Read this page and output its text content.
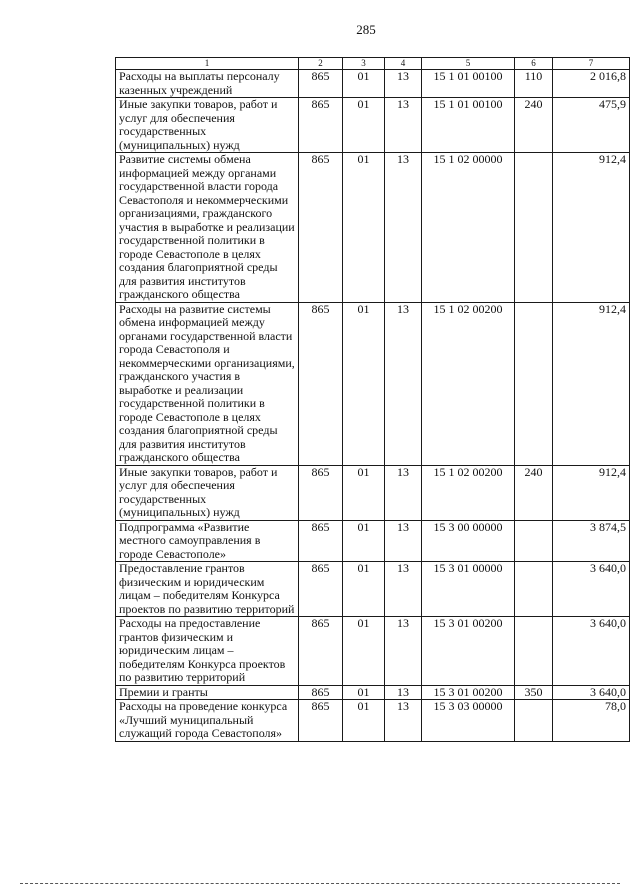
285
1	2	3	4	5	6	7
Расходы на выплаты персоналу казенных учреждений	865	01	13	15 1 01 00100	110	2 016,8
Иные закупки товаров, работ и услуг для обеспечения государственных (муниципальных) нужд	865	01	13	15 1 01 00100	240	475,9
Развитие системы обмена информацией между органами государственной власти города Севастополя и некоммерческими организациями, гражданского участия в выработке и реализации государственной политики в городе Севастополе в целях создания благоприятной среды для развития институтов гражданского общества	865	01	13	15 1 02 00000		912,4
Расходы на развитие системы обмена информацией между органами государственной власти города Севастополя и некоммерческими организациями, гражданского участия в выработке и реализации государственной политики в городе Севастополе в целях создания благоприятной среды для развития институтов гражданского общества	865	01	13	15 1 02 00200		912,4
Иные закупки товаров, работ и услуг для обеспечения государственных (муниципальных) нужд	865	01	13	15 1 02 00200	240	912,4
Подпрограмма «Развитие местного самоуправления в городе Севастополе»	865	01	13	15 3 00 00000		3 874,5
Предоставление грантов физическим и юридическим лицам – победителям Конкурса проектов по развитию территорий	865	01	13	15 3 01 00000		3 640,0
Расходы на предоставление грантов физическим и юридическим лицам – победителям Конкурса проектов по развитию территорий	865	01	13	15 3 01 00200		3 640,0
Премии и гранты	865	01	13	15 3 01 00200	350	3 640,0
Расходы на проведение конкурса «Лучший муниципальный служащий города Севастополя»	865	01	13	15 3 03 00000		78,0
